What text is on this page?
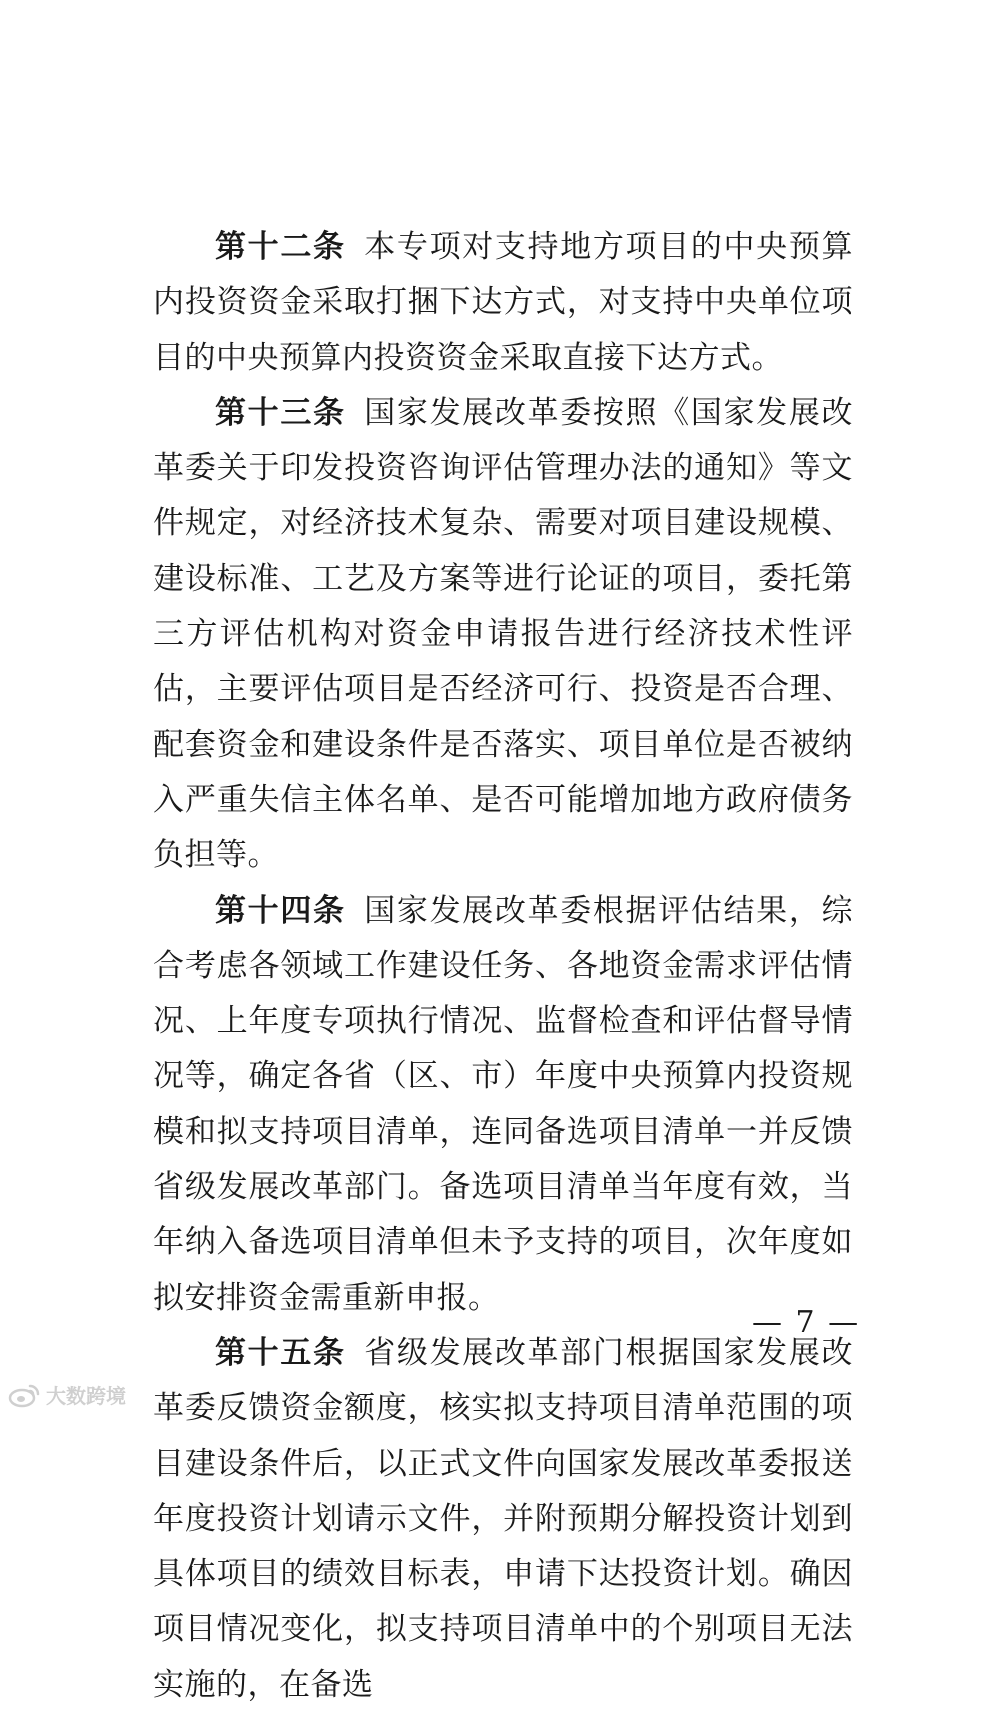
第十二条 本专项对支持地方项目的中央预算内投资资金采取打捆下达方式，对支持中央单位项目的中央预算内投资资金采取直接下达方式。

第十三条 国家发展改革委按照《国家发展改革委关于印发投资咨询评估管理办法的通知》等文件规定，对经济技术复杂、需要对项目建设规模、建设标准、工艺及方案等进行论证的项目，委托第三方评估机构对资金申请报告进行经济技术性评估，主要评估项目是否经济可行、投资是否合理、配套资金和建设条件是否落实、项目单位是否被纳入严重失信主体名单、是否可能增加地方政府债务负担等。

第十四条 国家发展改革委根据评估结果，综合考虑各领域工作建设任务、各地资金需求评估情况、上年度专项执行情况、监督检查和评估督导情况等，确定各省（区、市）年度中央预算内投资规模和拟支持项目清单，连同备选项目清单一并反馈省级发展改革部门。备选项目清单当年度有效，当年纳入备选项目清单但未予支持的项目，次年度如拟安排资金需重新申报。

第十五条 省级发展改革部门根据国家发展改革委反馈资金额度，核实拟支持项目清单范围的项目建设条件后，以正式文件向国家发展改革委报送年度投资计划请示文件，并附预期分解投资计划到具体项目的绩效目标表，申请下达投资计划。确因项目情况变化，拟支持项目清单中的个别项目无法实施的，在备选

— 7 —
大数跨境
